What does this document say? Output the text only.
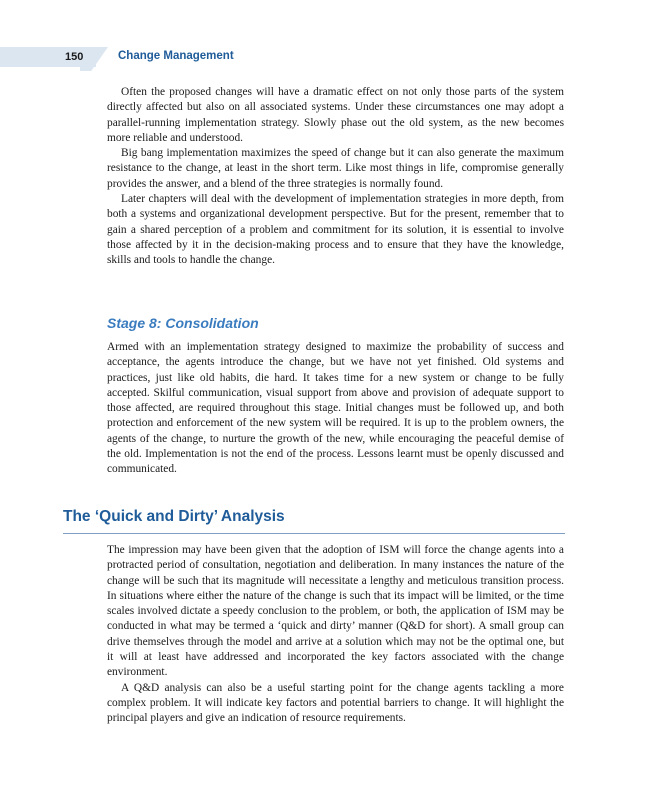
150	Change Management

Often the proposed changes will have a dramatic effect on not only those parts of the system directly affected but also on all associated systems. Under these circumstances one may adopt a parallel-running implementation strategy. Slowly phase out the old system, as the new becomes more reliable and understood.

Big bang implementation maximizes the speed of change but it can also generate the maximum resistance to the change, at least in the short term. Like most things in life, compromise generally provides the answer, and a blend of the three strategies is normally found.

Later chapters will deal with the development of implementation strategies in more depth, from both a systems and organizational development perspective. But for the present, remember that to gain a shared perception of a problem and commitment for its solution, it is essential to involve those affected by it in the decision-making process and to ensure that they have the knowledge, skills and tools to handle the change.

Stage 8: Consolidation

Armed with an implementation strategy designed to maximize the probability of success and acceptance, the agents introduce the change, but we have not yet finished. Old systems and practices, just like old habits, die hard. It takes time for a new system or change to be fully accepted. Skilful communication, visual support from above and provision of adequate support to those affected, are required throughout this stage. Initial changes must be followed up, and both protection and enforcement of the new system will be required. It is up to the problem owners, the agents of the change, to nurture the growth of the new, while encouraging the peaceful demise of the old. Implementation is not the end of the process. Lessons learnt must be openly discussed and communicated.

The ‘Quick and Dirty’ Analysis

The impression may have been given that the adoption of ISM will force the change agents into a protracted period of consultation, negotiation and deliberation. In many instances the nature of the change will be such that its magnitude will necessitate a lengthy and meticulous transition process. In situations where either the nature of the change is such that its impact will be limited, or the time scales involved dictate a speedy conclusion to the problem, or both, the application of ISM may be conducted in what may be termed a ‘quick and dirty’ manner (Q&D for short). A small group can drive themselves through the model and arrive at a solution which may not be the optimal one, but it will at least have addressed and incorporated the key factors associated with the change environment.

A Q&D analysis can also be a useful starting point for the change agents tackling a more complex problem. It will indicate key factors and potential barriers to change. It will highlight the principal players and give an indication of resource requirements.
